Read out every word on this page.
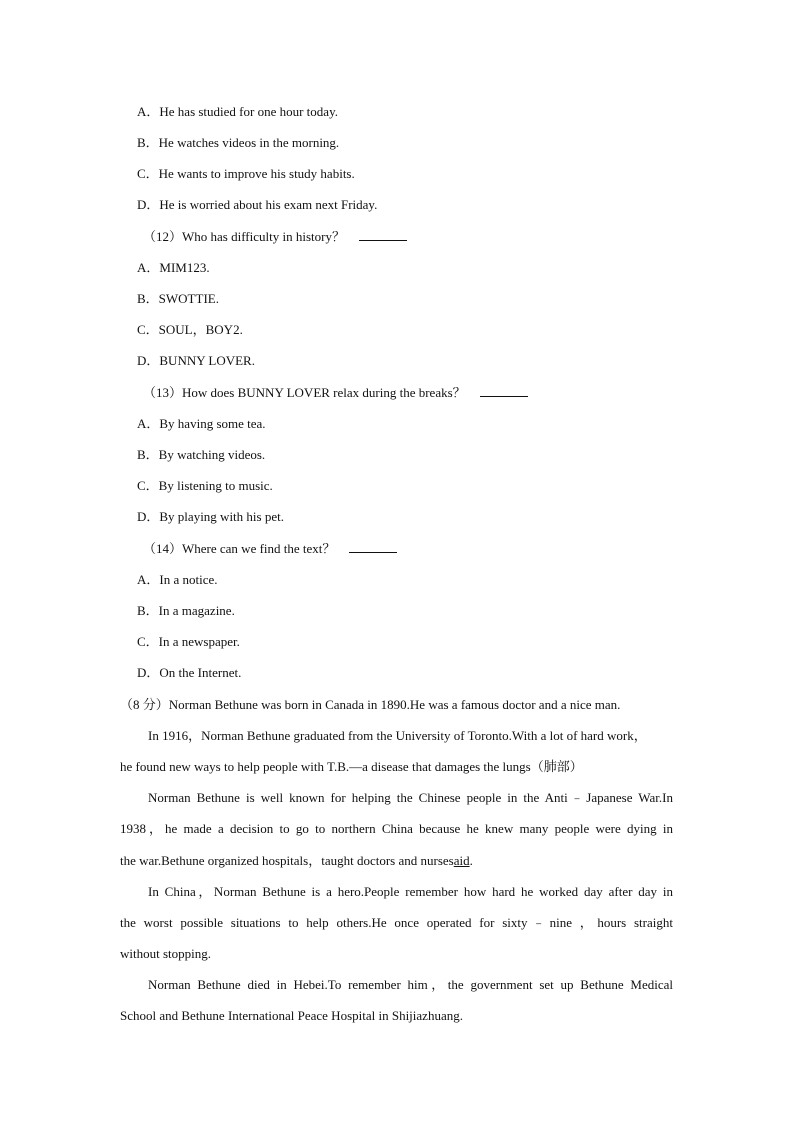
A．He has studied for one hour today.
B．He watches videos in the morning.
C．He wants to improve his study habits.
D．He is worried about his exam next Friday.
（12）Who has difficulty in history？
A．MIM123.
B．SWOTTIE.
C．SOUL，BOY2.
D．BUNNY LOVER.
（13）How does BUNNY LOVER relax during the breaks？
A．By having some tea.
B．By watching videos.
C．By listening to music.
D．By playing with his pet.
（14）Where can we find the text？
A．In a notice.
B．In a magazine.
C．In a newspaper.
D．On the Internet.
（8 分）Norman Bethune was born in Canada in 1890.He was a famous doctor and a nice man.
In 1916，Norman Bethune graduated from the University of Toronto.With a lot of hard work，
he found new ways to help people with T.B.—a disease that damages the lungs（肺部）
Norman Bethune is well known for helping the Chinese people in the Anti﹣Japanese War.In
1938，he made a decision to go to northern China because he knew many people were dying in
the war.Bethune organized hospitals，taught doctors and nursesaid.
In China，Norman Bethune is a hero.People remember how hard he worked day after day in
the worst possible situations to help others.He once operated for sixty﹣nine ，hours straight
without stopping.
Norman Bethune died in Hebei.To remember him，the government set up Bethune Medical
School and Bethune International Peace Hospital in Shijiazhuang.
